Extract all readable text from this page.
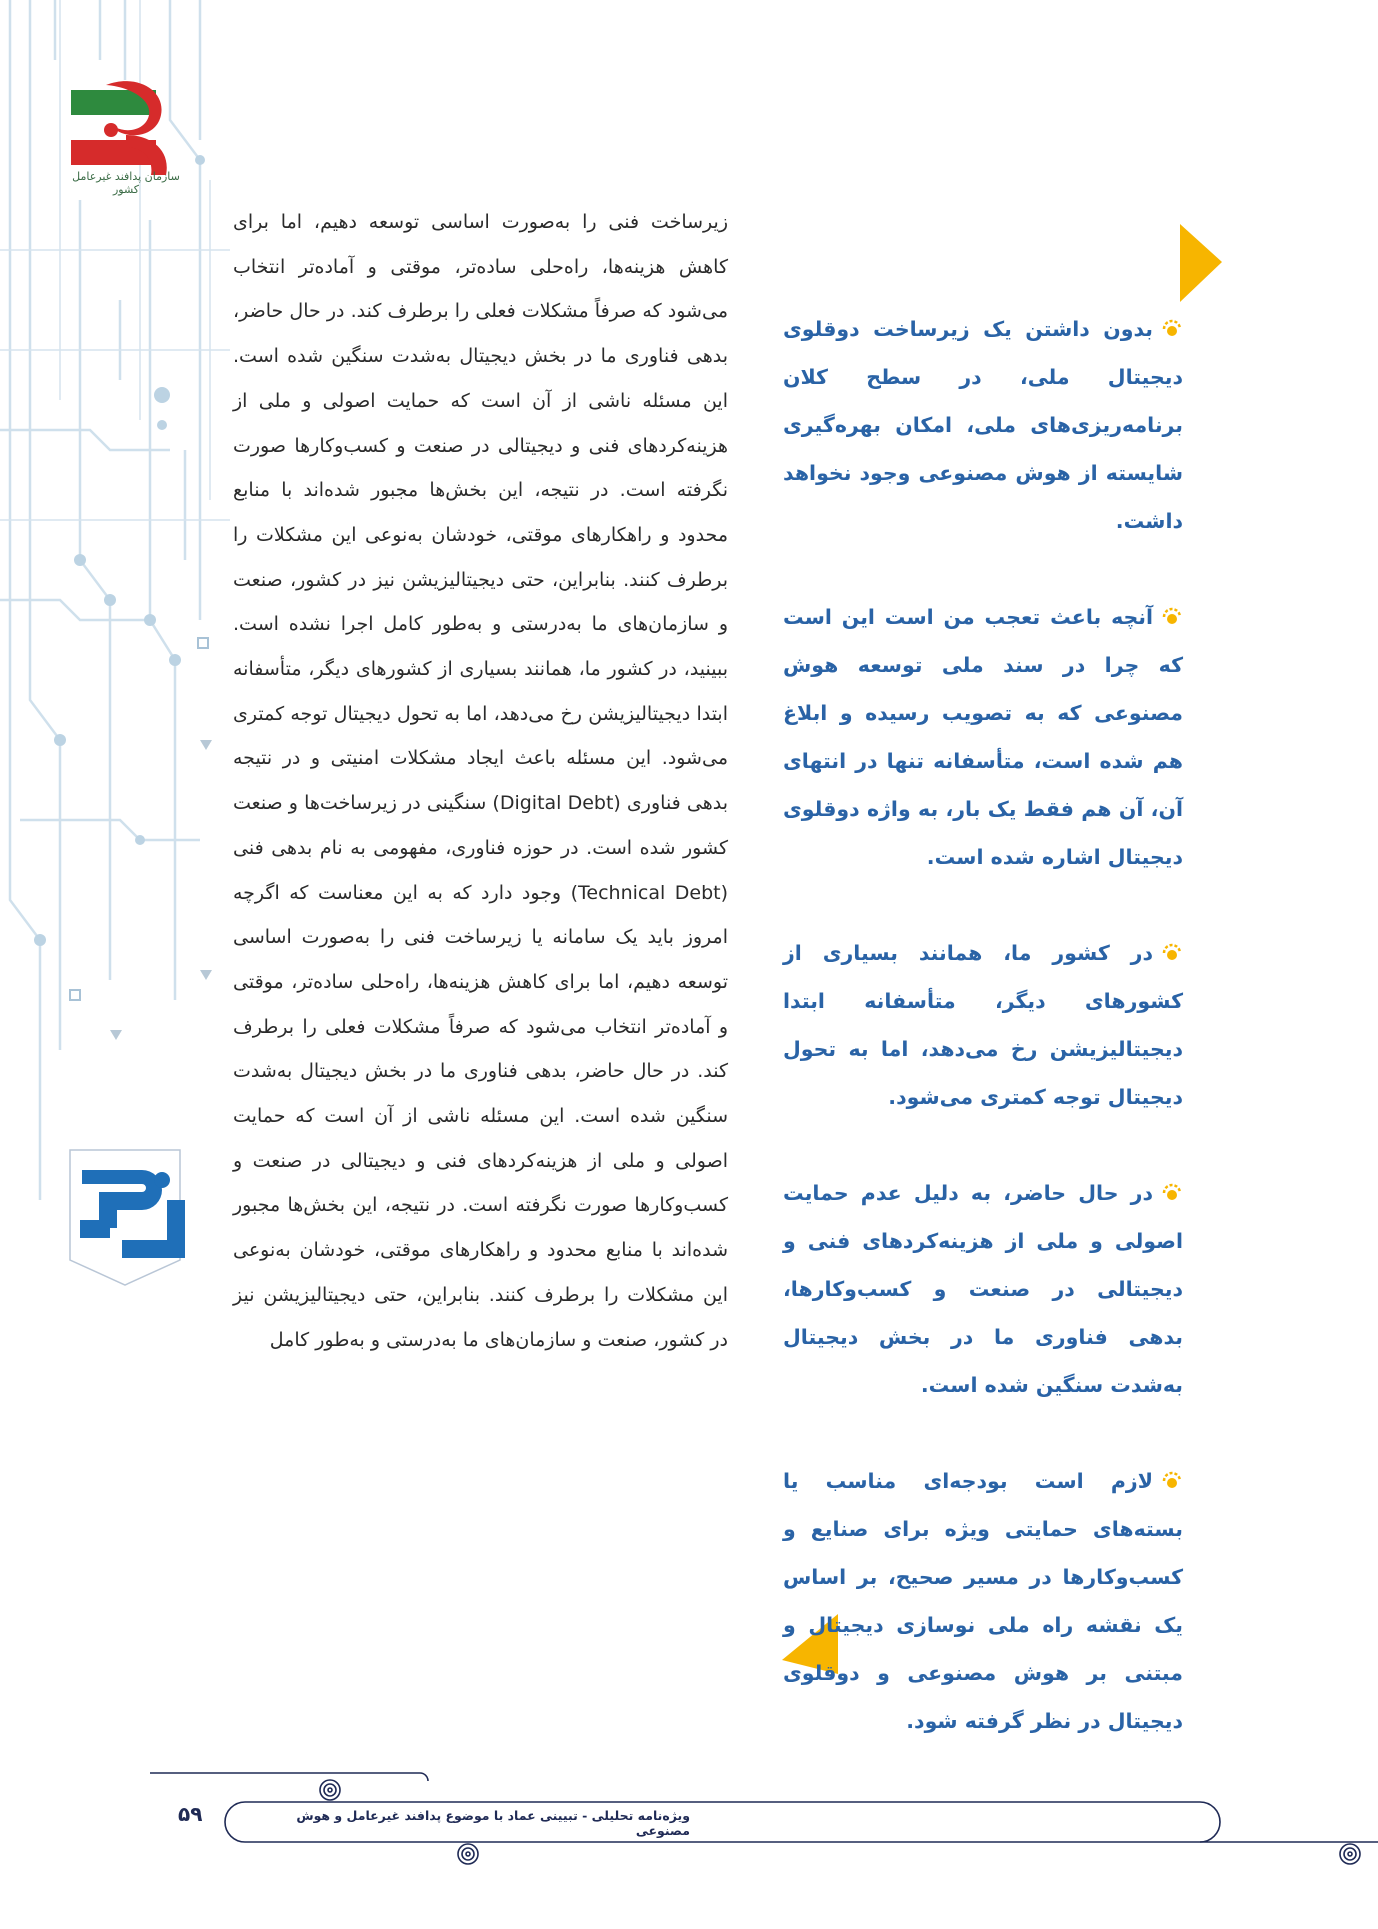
سازمان پدافند غیرعامل کشور
زیرساخت فنی را به‌صورت اساسی توسعه دهیم، اما برای کاهش هزینه‌ها، راه‌حلی ساده‌تر، موقتی و آماده‌تر انتخاب می‌شود که صرفاً مشکلات فعلی را برطرف کند. در حال حاضر، بدهی فناوری ما در بخش دیجیتال به‌شدت سنگین شده است. این مسئله ناشی از آن است که حمایت اصولی و ملی از هزینه‌کردهای فنی و دیجیتالی در صنعت و کسب‌وکارها صورت نگرفته است. در نتیجه، این بخش‌ها مجبور شده‌اند با منابع محدود و راهکارهای موقتی، خودشان به‌نوعی این مشکلات را برطرف کنند. بنابراین، حتی دیجیتالیزیشن نیز در کشور، صنعت و سازمان‌های ما به‌درستی و به‌طور کامل اجرا نشده است. ببینید، در کشور ما، همانند بسیاری از کشورهای دیگر، متأسفانه ابتدا دیجیتالیزیشن رخ می‌دهد، اما به تحول دیجیتال توجه کمتری می‌شود. این مسئله باعث ایجاد مشکلات امنیتی و در نتیجه بدهی فناوری (Digital Debt) سنگینی در زیرساخت‌ها و صنعت کشور شده است. در حوزه فناوری، مفهومی به نام بدهی فنی (Technical Debt) وجود دارد که به این معناست که اگرچه امروز باید یک سامانه یا زیرساخت فنی را به‌صورت اساسی توسعه دهیم، اما برای کاهش هزینه‌ها، راه‌حلی ساده‌تر، موقتی و آماده‌تر انتخاب می‌شود که صرفاً مشکلات فعلی را برطرف کند. در حال حاضر، بدهی فناوری ما در بخش دیجیتال به‌شدت سنگین شده است. این مسئله ناشی از آن است که حمایت اصولی و ملی از هزینه‌کردهای فنی و دیجیتالی در صنعت و کسب‌وکارها صورت نگرفته است. در نتیجه، این بخش‌ها مجبور شده‌اند با منابع محدود و راهکارهای موقتی، خودشان به‌نوعی این مشکلات را برطرف کنند. بنابراین، حتی دیجیتالیزیشن نیز در کشور، صنعت و سازمان‌های ما به‌درستی و به‌طور کامل

بدون داشتن یک زیرساخت دوقلوی دیجیتال ملی، در سطح کلان برنامه‌ریزی‌های ملی، امکان بهره‌گیری شایسته از هوش مصنوعی وجود نخواهد داشت.

آنچه باعث تعجب من است این است که چرا در سند ملی توسعه هوش مصنوعی که به تصویب رسیده و ابلاغ هم شده است، متأسفانه تنها در انتهای آن، آن هم فقط یک بار، به واژه دوقلوی دیجیتال اشاره شده است.

در کشور ما، همانند بسیاری از کشورهای دیگر، متأسفانه ابتدا دیجیتالیزیشن رخ می‌دهد، اما به تحول دیجیتال توجه کمتری می‌شود.

در حال حاضر، به دلیل عدم حمایت اصولی و ملی از هزینه‌کردهای فنی و دیجیتالی در صنعت و کسب‌وکارها، بدهی فناوری ما در بخش دیجیتال به‌شدت سنگین شده است.

لازم است بودجه‌ای مناسب یا بسته‌های حمایتی ویژه برای صنایع و کسب‌وکارها در مسیر صحیح، بر اساس یک نقشه راه ملی نوسازی دیجیتال و مبتنی بر هوش مصنوعی و دوقلوی دیجیتال در نظر گرفته شود.

۵۹	ویژه‌نامه تحلیلی - تبیینی عماد با موضوع پدافند غیرعامل و هوش مصنوعی
